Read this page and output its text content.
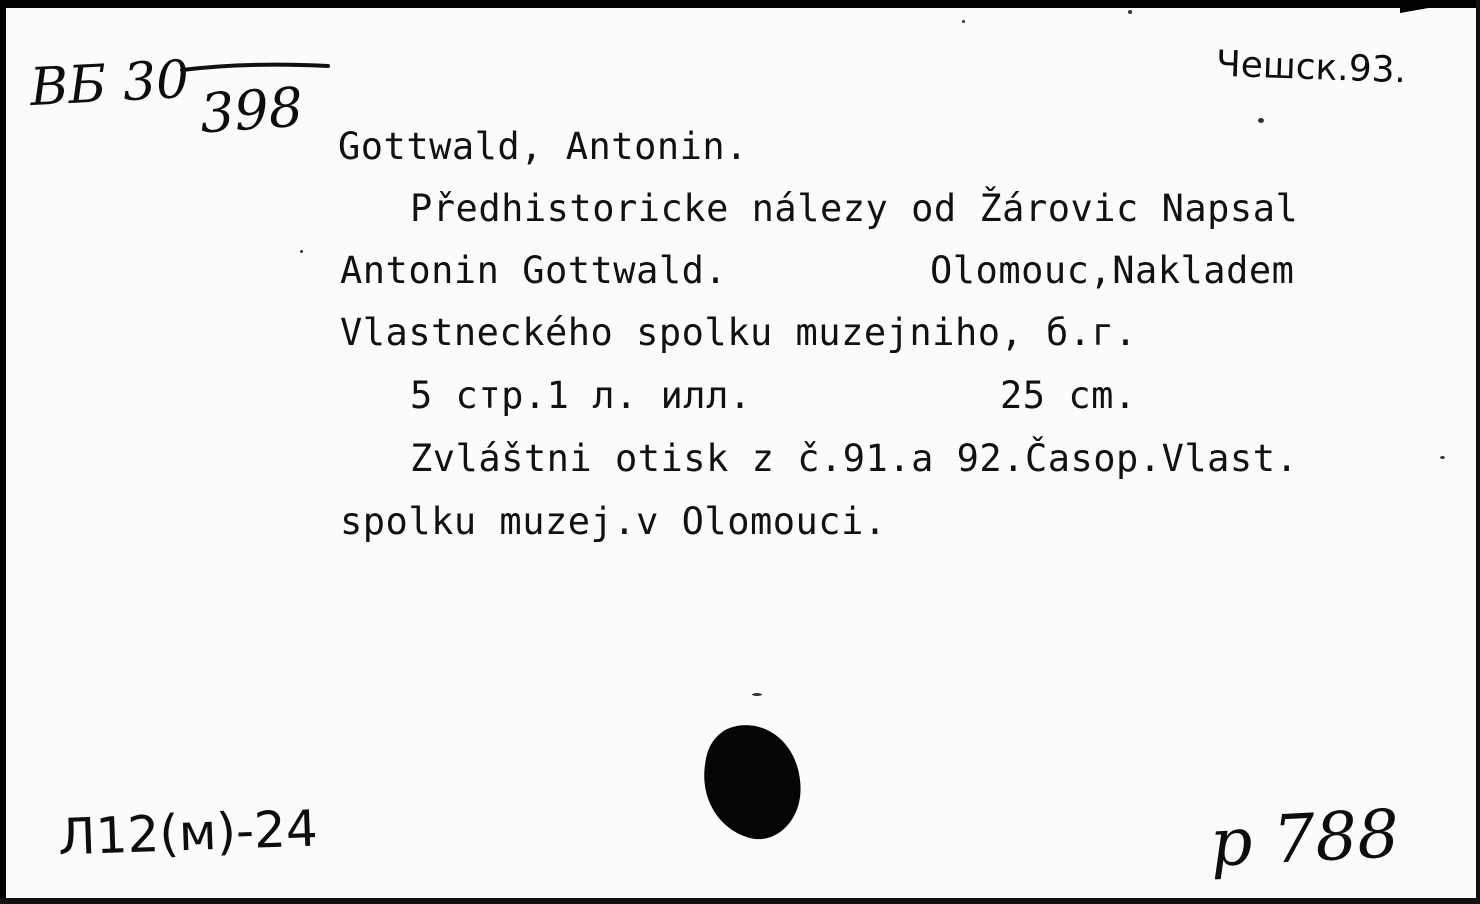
ВБ 30 398
Чешск.93.
Gottwald, Antonin.
Předhistoricke nálezy od Žárovic Napsal
Antonin Gottwald.	Olomouc,Nakladem
Vlastneckého spolku muzejniho, б.г.
5 стр.1 л. илл.	25 cm.
Zvláštni otisk z č.91.a 92.Časop.Vlast.
spolku muzej.v Olomouci.
Л12(м)-24	р 788
